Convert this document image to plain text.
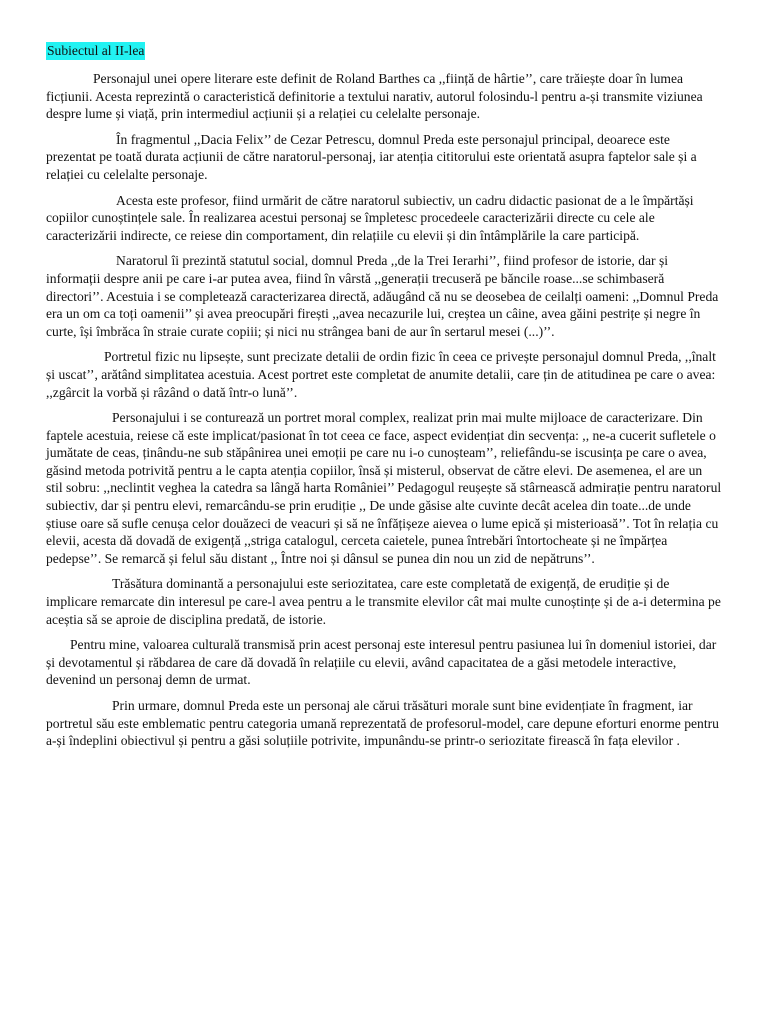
Subiectul al II-lea

Personajul unei opere literare este definit de Roland Barthes ca ,,ființă de hârtie’’, care trăiește doar în lumea ficțiunii. Acesta reprezintă o caracteristică definitorie a textului narativ, autorul folosindu-l pentru a-și transmite viziunea despre lume și viață, prin intermediul acțiunii și a relației cu celelalte personaje.

În fragmentul ,,Dacia Felix’’ de Cezar Petrescu, domnul Preda este personajul principal, deoarece este prezentat pe toată durata acțiunii de către naratorul-personaj, iar atenția cititorului este orientată asupra faptelor sale și a relației cu celelalte personaje.

Acesta este profesor, fiind urmărit de către naratorul subiectiv, un cadru didactic pasionat de a le împărtăși copiilor cunoștințele sale. În realizarea acestui personaj se împletesc procedeele caracterizării directe cu cele ale caracterizării indirecte, ce reiese din comportament, din relațiile cu elevii și din întâmplările la care participă.

Naratorul îi prezintă statutul social, domnul Preda ,,de la Trei Ierarhi’’, fiind profesor de istorie, dar și informații despre anii pe care i-ar putea avea, fiind în vârstă ,,generații trecuseră pe băncile roase...se schimbaseră directori’’. Acestuia i se completează caracterizarea directă, adăugând că nu se deosebea de ceilalți oameni: ,,Domnul Preda era un om ca toți oamenii’’ și avea preocupări firești ,,avea necazurile lui, creștea un câine, avea găini pestrițe și negre în curte, își îmbrăca în straie curate copiii; și nici nu strângea bani de aur în sertarul mesei (...)’’.

Portretul fizic nu lipsește, sunt precizate detalii de ordin fizic în ceea ce privește personajul domnul Preda, ,,înalt și uscat’’, arătând simplitatea acestuia. Acest portret este completat de anumite detalii, care țin de atitudinea pe care o avea: ,,zgârcit la vorbă și râzând o dată într-o lună’’.

Personajului i se conturează un portret moral complex, realizat prin mai multe mijloace de caracterizare. Din faptele acestuia, reiese că este implicat/pasionat în tot ceea ce face, aspect evidențiat din secvența: ,, ne-a cucerit sufletele o jumătate de ceas, ținându-ne sub stăpânirea unei emoții pe care nu i-o cunoșteam’’, reliefându-se iscusința pe care o avea, găsind metoda potrivită pentru a le capta atenția copiilor, însă și misterul, observat de către elevi. De asemenea, el are un stil sobru: ,,neclintit veghea la catedra sa lângă harta României’’ Pedagogul reușește să stârnească admirație pentru naratorul subiectiv, dar și pentru elevi, remarcându-se prin erudiție ,, De unde găsise alte cuvinte decât acelea din toate...de unde știuse oare să sufle cenușa celor douăzeci de veacuri și să ne înfățișeze aievea o lume epică și misterioasă’’. Tot în relația cu elevii, acesta dă dovadă de exigență ,,striga catalogul, cerceta caietele, punea întrebări întortocheate și ne împărțea pedepse’’. Se remarcă și felul său distant ,, Între noi și dânsul se punea din nou un zid de nepătruns’’.

Trăsătura dominantă a personajului este seriozitatea, care este completată de exigență, de erudiție și de implicare remarcate din interesul pe care-l avea pentru a le transmite elevilor cât mai multe cunoștințe și de a-i determina pe aceștia să se aproie de disciplina predată, de istorie.

Pentru mine, valoarea culturală transmisă prin acest personaj este interesul pentru pasiunea lui în domeniul istoriei, dar și devotamentul și răbdarea de care dă dovadă în relațiile cu elevii, având capacitatea de a găsi metodele interactive, devenind un personaj demn de urmat.

Prin urmare, domnul Preda este un personaj ale cărui trăsături morale sunt bine evidențiate în fragment, iar portretul său este emblematic pentru categoria umană reprezentată de profesorul-model, care depune eforturi enorme pentru a-și îndeplini obiectivul și pentru a găsi soluțiile potrivite, impunându-se printr-o seriozitate firească în fața elevilor .
